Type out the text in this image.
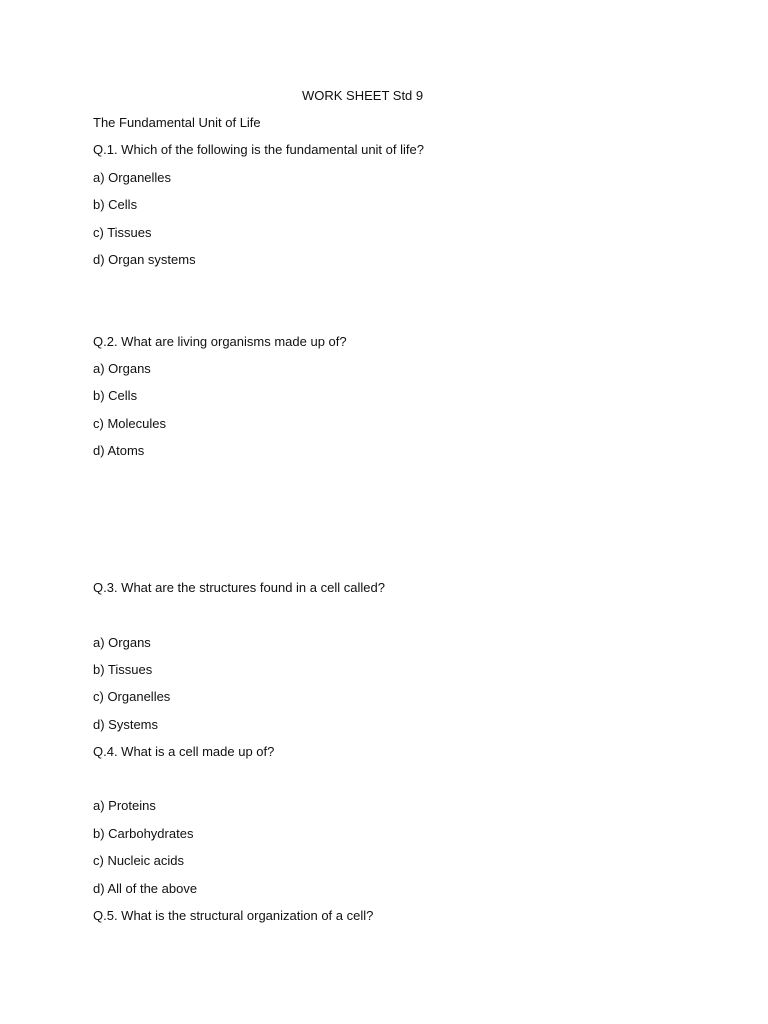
WORK SHEET Std 9
The Fundamental Unit of Life
Q.1. Which of the following is the fundamental unit of life?
a) Organelles
b) Cells
c) Tissues
d) Organ systems
Q.2. What are living organisms made up of?
a) Organs
b) Cells
c) Molecules
d) Atoms
Q.3. What are the structures found in a cell called?
a) Organs
b) Tissues
c) Organelles
d) Systems
Q.4. What is a cell made up of?
a) Proteins
b) Carbohydrates
c) Nucleic acids
d) All of the above
Q.5. What is the structural organization of a cell?
